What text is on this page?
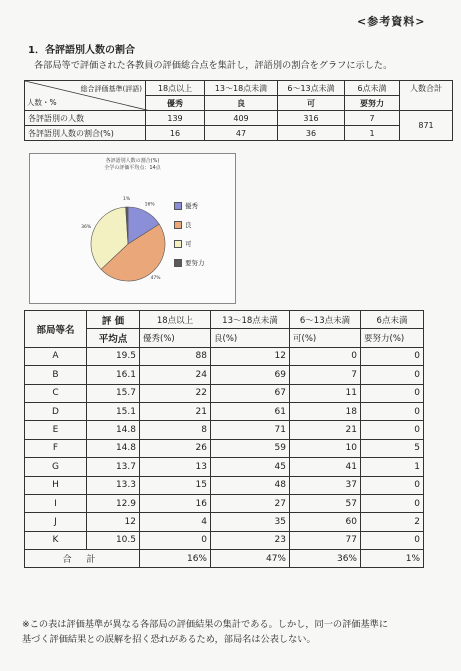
<参考資料>
1．各評語別人数の割合
各部局等で評価された各教員の評価総合点を集計し，評語別の割合をグラフに示した。
総合評価基準(評語)
人数・%	18点以上	13～18点未満	6～13点未満	6点未満	人数合計
	優秀	良	可	要努力	
各評語別の人数	139	409	316	7	871
各評語別人数の割合(%)	16	47	36	1	
各評語別人数の割合(%)
全学の評価平均点：14点
16%
47%
36%
1%
優秀
良
可
要努力
部局等名	評 価	18点以上	13～18点未満	6～13点未満	6点未満
	平均点	優秀(%)	良(%)	可(%)	要努力(%)
A	19.5	88	12	0	0
B	16.1	24	69	7	0
C	15.7	22	67	11	0
D	15.1	21	61	18	0
E	14.8	8	71	21	0
F	14.8	26	59	10	5
G	13.7	13	45	41	1
H	13.3	15	48	37	0
I	12.9	16	27	57	0
J	12	4	35	60	2
K	10.5	0	23	77	0
合 計		16%	47%	36%	1%
※この表は評価基準が異なる各部局の評価結果の集計である。しかし，同一の評価基準に
基づく評価結果との誤解を招く恐れがあるため，部局名は公表しない。
